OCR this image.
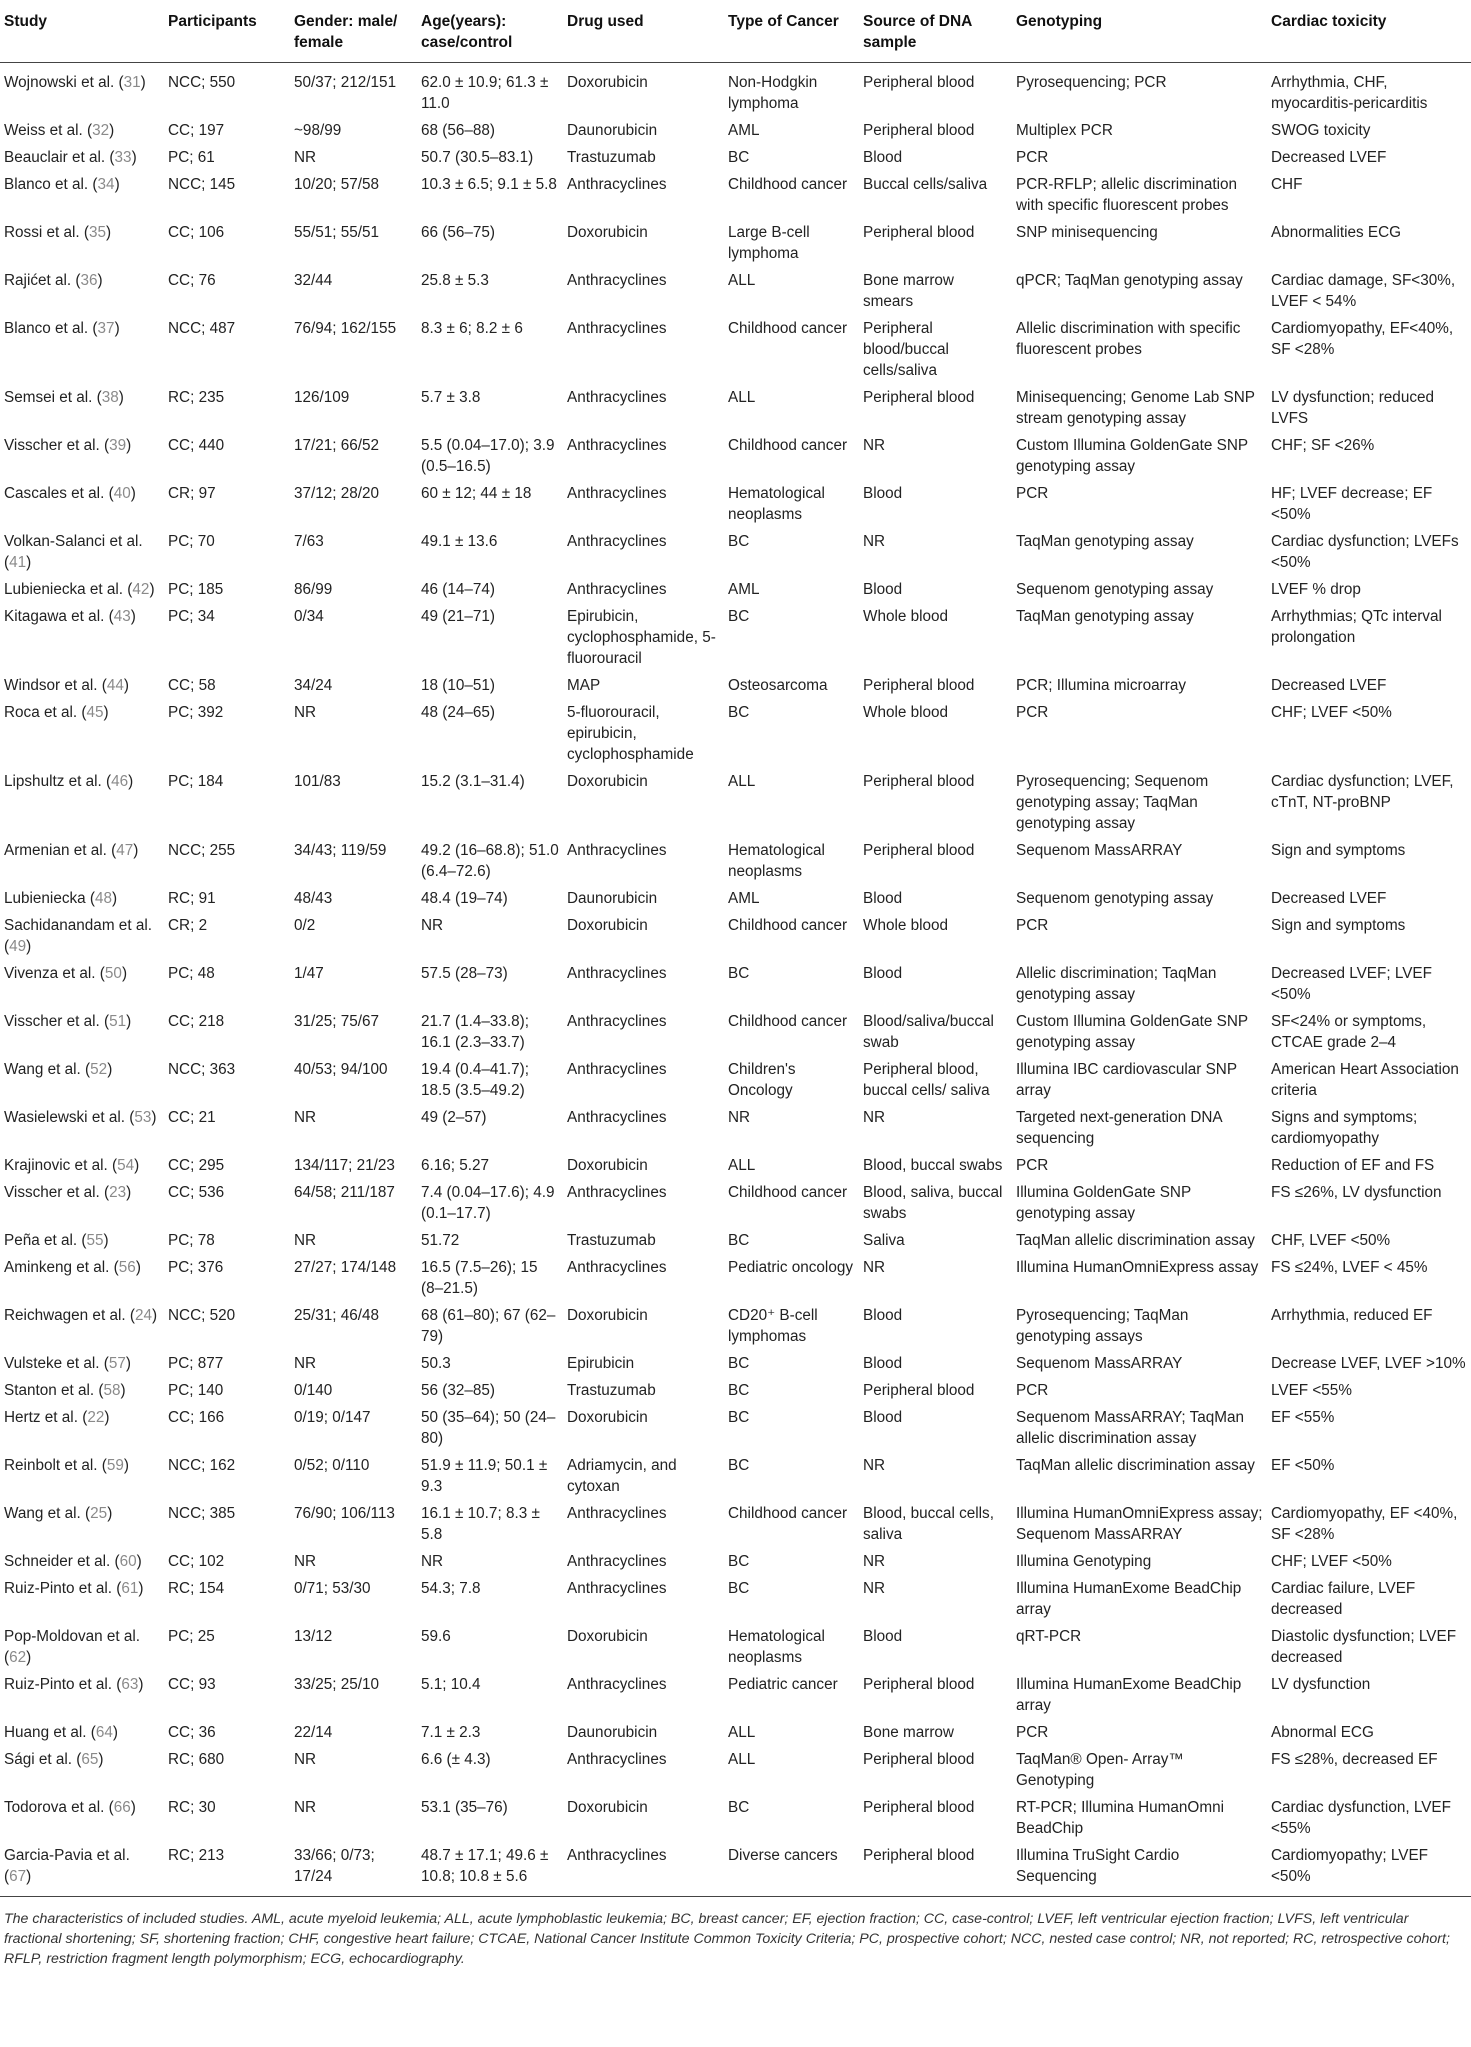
Study	Participants	Gender: male/ female	Age(years): case/control	Drug used	Type of Cancer	Source of DNA sample	Genotyping	Cardiac toxicity
Wojnowski et al. (31)	NCC; 550	50/37; 212/151	62.0 ± 10.9; 61.3 ± 11.0	Doxorubicin	Non-Hodgkin lymphoma	Peripheral blood	Pyrosequencing; PCR	Arrhythmia, CHF, myocarditis-pericarditis
Weiss et al. (32)	CC; 197	~98/99	68 (56–88)	Daunorubicin	AML	Peripheral blood	Multiplex PCR	SWOG toxicity
Beauclair et al. (33)	PC; 61	NR	50.7 (30.5–83.1)	Trastuzumab	BC	Blood	PCR	Decreased LVEF
Blanco et al. (34)	NCC; 145	10/20; 57/58	10.3 ± 6.5; 9.1 ± 5.8	Anthracyclines	Childhood cancer	Buccal cells/saliva	PCR-RFLP; allelic discrimination with specific fluorescent probes	CHF
Rossi et al. (35)	CC; 106	55/51; 55/51	66 (56–75)	Doxorubicin	Large B-cell lymphoma	Peripheral blood	SNP minisequencing	Abnormalities ECG
Rajićet al. (36)	CC; 76	32/44	25.8 ± 5.3	Anthracyclines	ALL	Bone marrow smears	qPCR; TaqMan genotyping assay	Cardiac damage, SF<30%, LVEF < 54%
Blanco et al. (37)	NCC; 487	76/94; 162/155	8.3 ± 6; 8.2 ± 6	Anthracyclines	Childhood cancer	Peripheral blood/buccal cells/saliva	Allelic discrimination with specific fluorescent probes	Cardiomyopathy, EF<40%, SF <28%
Semsei et al. (38)	RC; 235	126/109	5.7 ± 3.8	Anthracyclines	ALL	Peripheral blood	Minisequencing; Genome Lab SNP stream genotyping assay	LV dysfunction; reduced LVFS
Visscher et al. (39)	CC; 440	17/21; 66/52	5.5 (0.04–17.0); 3.9 (0.5–16.5)	Anthracyclines	Childhood cancer	NR	Custom Illumina GoldenGate SNP genotyping assay	CHF; SF <26%
Cascales et al. (40)	CR; 97	37/12; 28/20	60 ± 12; 44 ± 18	Anthracyclines	Hematological neoplasms	Blood	PCR	HF; LVEF decrease; EF <50%
Volkan-Salanci et al. (41)	PC; 70	7/63	49.1 ± 13.6	Anthracyclines	BC	NR	TaqMan genotyping assay	Cardiac dysfunction; LVEFs <50%
Lubieniecka et al. (42)	PC; 185	86/99	46 (14–74)	Anthracyclines	AML	Blood	Sequenom genotyping assay	LVEF % drop
Kitagawa et al. (43)	PC; 34	0/34	49 (21–71)	Epirubicin, cyclophosphamide, 5-fluorouracil	BC	Whole blood	TaqMan genotyping assay	Arrhythmias; QTc interval prolongation
Windsor et al. (44)	CC; 58	34/24	18 (10–51)	MAP	Osteosarcoma	Peripheral blood	PCR; Illumina microarray	Decreased LVEF
Roca et al. (45)	PC; 392	NR	48 (24–65)	5-fluorouracil, epirubicin, cyclophosphamide	BC	Whole blood	PCR	CHF; LVEF <50%
Lipshultz et al. (46)	PC; 184	101/83	15.2 (3.1–31.4)	Doxorubicin	ALL	Peripheral blood	Pyrosequencing; Sequenom genotyping assay; TaqMan genotyping assay	Cardiac dysfunction; LVEF, cTnT, NT-proBNP
Armenian et al. (47)	NCC; 255	34/43; 119/59	49.2 (16–68.8); 51.0 (6.4–72.6)	Anthracyclines	Hematological neoplasms	Peripheral blood	Sequenom MassARRAY	Sign and symptoms
Lubieniecka (48)	RC; 91	48/43	48.4 (19–74)	Daunorubicin	AML	Blood	Sequenom genotyping assay	Decreased LVEF
Sachidanandam et al. (49)	CR; 2	0/2	NR	Doxorubicin	Childhood cancer	Whole blood	PCR	Sign and symptoms
Vivenza et al. (50)	PC; 48	1/47	57.5 (28–73)	Anthracyclines	BC	Blood	Allelic discrimination; TaqMan genotyping assay	Decreased LVEF; LVEF <50%
Visscher et al. (51)	CC; 218	31/25; 75/67	21.7 (1.4–33.8); 16.1 (2.3–33.7)	Anthracyclines	Childhood cancer	Blood/saliva/buccal swab	Custom Illumina GoldenGate SNP genotyping assay	SF<24% or symptoms, CTCAE grade 2–4
Wang et al. (52)	NCC; 363	40/53; 94/100	19.4 (0.4–41.7); 18.5 (3.5–49.2)	Anthracyclines	Children's Oncology	Peripheral blood, buccal cells/ saliva	Illumina IBC cardiovascular SNP array	American Heart Association criteria
Wasielewski et al. (53)	CC; 21	NR	49 (2–57)	Anthracyclines	NR	NR	Targeted next-generation DNA sequencing	Signs and symptoms; cardiomyopathy
Krajinovic et al. (54)	CC; 295	134/117; 21/23	6.16; 5.27	Doxorubicin	ALL	Blood, buccal swabs	PCR	Reduction of EF and FS
Visscher et al. (23)	CC; 536	64/58; 211/187	7.4 (0.04–17.6); 4.9 (0.1–17.7)	Anthracyclines	Childhood cancer	Blood, saliva, buccal swabs	Illumina GoldenGate SNP genotyping assay	FS ≤26%, LV dysfunction
Peña et al. (55)	PC; 78	NR	51.72	Trastuzumab	BC	Saliva	TaqMan allelic discrimination assay	CHF, LVEF <50%
Aminkeng et al. (56)	PC; 376	27/27; 174/148	16.5 (7.5–26); 15 (8–21.5)	Anthracyclines	Pediatric oncology	NR	Illumina HumanOmniExpress assay	FS ≤24%, LVEF < 45%
Reichwagen et al. (24)	NCC; 520	25/31; 46/48	68 (61–80); 67 (62–79)	Doxorubicin	CD20⁺ B-cell lymphomas	Blood	Pyrosequencing; TaqMan genotyping assays	Arrhythmia, reduced EF
Vulsteke et al. (57)	PC; 877	NR	50.3	Epirubicin	BC	Blood	Sequenom MassARRAY	Decrease LVEF, LVEF >10%
Stanton et al. (58)	PC; 140	0/140	56 (32–85)	Trastuzumab	BC	Peripheral blood	PCR	LVEF <55%
Hertz et al. (22)	CC; 166	0/19; 0/147	50 (35–64); 50 (24–80)	Doxorubicin	BC	Blood	Sequenom MassARRAY; TaqMan allelic discrimination assay	EF <55%
Reinbolt et al. (59)	NCC; 162	0/52; 0/110	51.9 ± 11.9; 50.1 ± 9.3	Adriamycin, and cytoxan	BC	NR	TaqMan allelic discrimination assay	EF <50%
Wang et al. (25)	NCC; 385	76/90; 106/113	16.1 ± 10.7; 8.3 ± 5.8	Anthracyclines	Childhood cancer	Blood, buccal cells, saliva	Illumina HumanOmniExpress assay; Sequenom MassARRAY	Cardiomyopathy, EF <40%, SF <28%
Schneider et al. (60)	CC; 102	NR	NR	Anthracyclines	BC	NR	Illumina Genotyping	CHF; LVEF <50%
Ruiz-Pinto et al. (61)	RC; 154	0/71; 53/30	54.3; 7.8	Anthracyclines	BC	NR	Illumina HumanExome BeadChip array	Cardiac failure, LVEF decreased
Pop-Moldovan et al. (62)	PC; 25	13/12	59.6	Doxorubicin	Hematological neoplasms	Blood	qRT-PCR	Diastolic dysfunction; LVEF decreased
Ruiz-Pinto et al. (63)	CC; 93	33/25; 25/10	5.1; 10.4	Anthracyclines	Pediatric cancer	Peripheral blood	Illumina HumanExome BeadChip array	LV dysfunction
Huang et al. (64)	CC; 36	22/14	7.1 ± 2.3	Daunorubicin	ALL	Bone marrow	PCR	Abnormal ECG
Sági et al. (65)	RC; 680	NR	6.6 (± 4.3)	Anthracyclines	ALL	Peripheral blood	TaqMan® Open- Array™ Genotyping	FS ≤28%, decreased EF
Todorova et al. (66)	RC; 30	NR	53.1 (35–76)	Doxorubicin	BC	Peripheral blood	RT-PCR; Illumina HumanOmni BeadChip	Cardiac dysfunction, LVEF <55%
Garcia-Pavia et al. (67)	RC; 213	33/66; 0/73; 17/24	48.7 ± 17.1; 49.6 ± 10.8; 10.8 ± 5.6	Anthracyclines	Diverse cancers	Peripheral blood	Illumina TruSight Cardio Sequencing	Cardiomyopathy; LVEF <50%
The characteristics of included studies. AML, acute myeloid leukemia; ALL, acute lymphoblastic leukemia; BC, breast cancer; EF, ejection fraction; CC, case-control; LVEF, left ventricular ejection fraction; LVFS, left ventricular fractional shortening; SF, shortening fraction; CHF, congestive heart failure; CTCAE, National Cancer Institute Common Toxicity Criteria; PC, prospective cohort; NCC, nested case control; NR, not reported; RC, retrospective cohort; RFLP, restriction fragment length polymorphism; ECG, echocardiography.
